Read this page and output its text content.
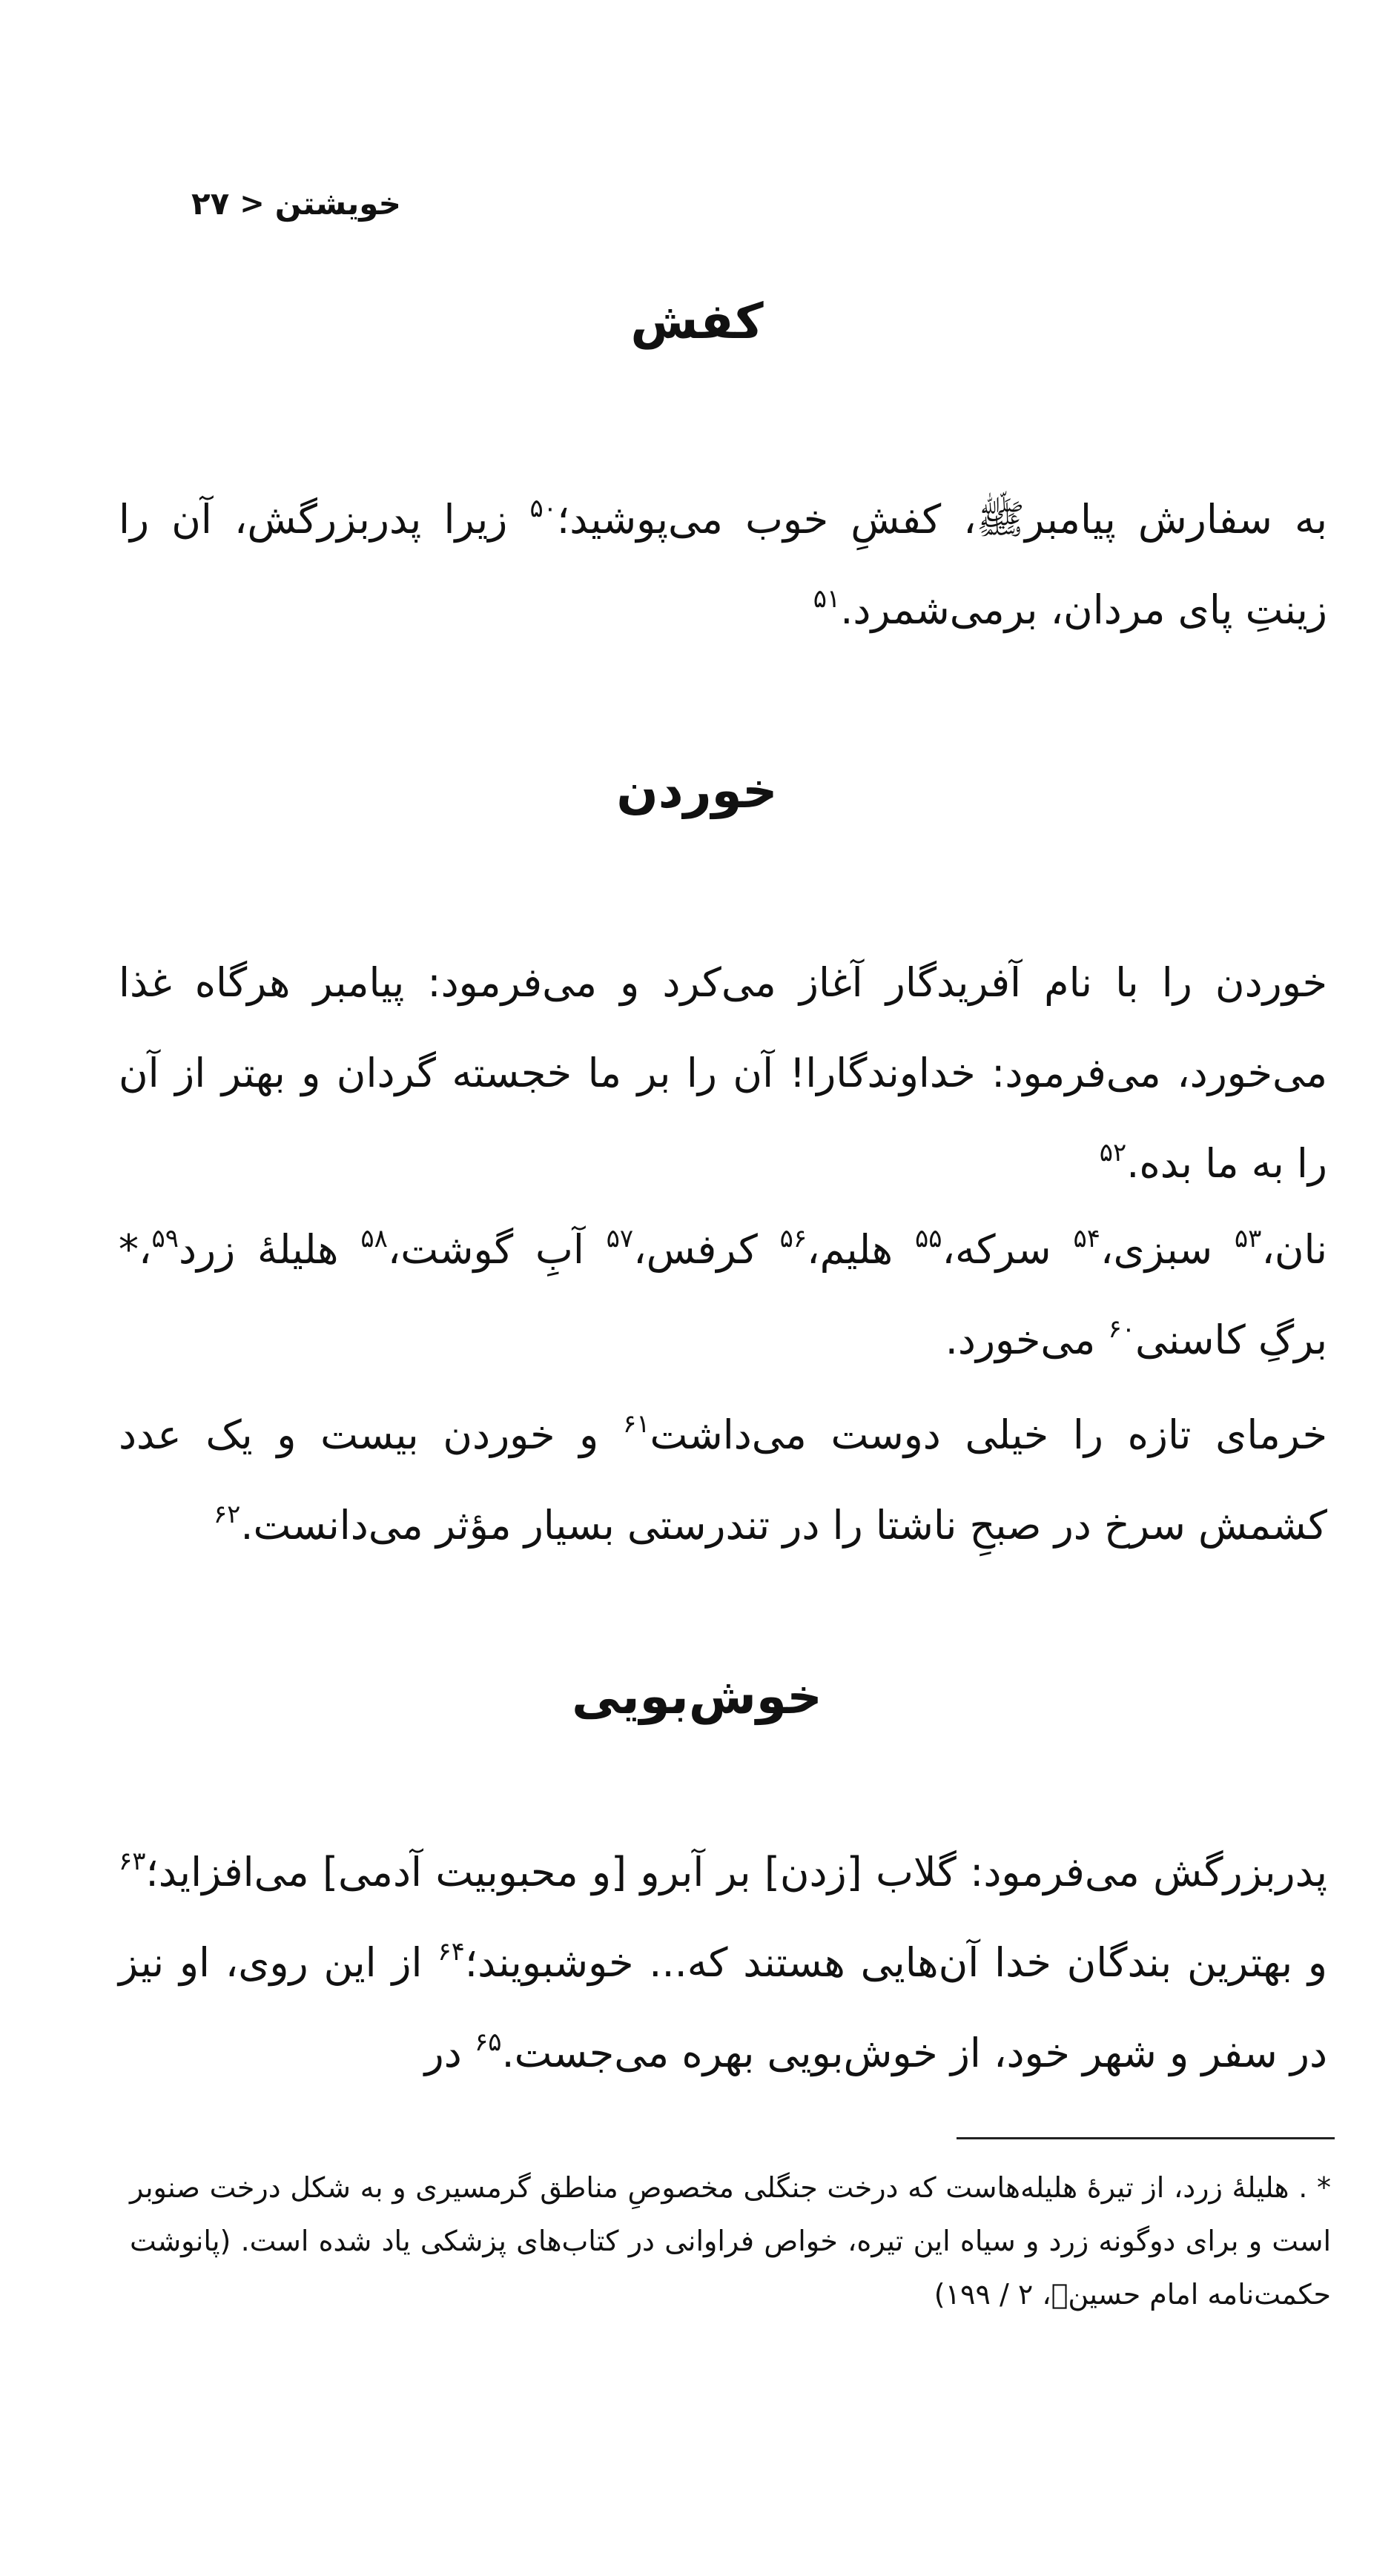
۲۷ > خویشتن
کفش

به سفارش پیامبرﷺ، کفشِ خوب می‌پوشید؛$^{۵۰}$ زیرا پدربزرگش، آن را زینتِ پای مردان، برمی‌شمرد.$^{۵۱}$

خوردن

خوردن را با نام آفریدگار آغاز می‌کرد و می‌فرمود: پیامبر هرگاه غذا می‌خورد، می‌فرمود: خداوندگارا! آن را بر ما خجسته گردان و بهتر از آن را به ما بده.$^{۵۲}$

نان،$^{۵۳}$ سبزی،$^{۵۴}$ سرکه،$^{۵۵}$ هلیم،$^{۵۶}$ کرفس،$^{۵۷}$ آبِ گوشت،$^{۵۸}$ هلیلهٔ زرد$^{۵۹}$،* برگِ کاسنی$^{۶۰}$ می‌خورد.

خرمای تازه را خیلی دوست می‌داشت$^{۶۱}$ و خوردن بیست و یک عدد کشمش سرخ در صبحِ ناشتا را در تندرستی بسیار مؤثر می‌دانست.$^{۶۲}$

خوش‌بویی

پدربزرگش می‌فرمود: گلاب [زدن] بر آبرو [و محبوبیت آدمی] می‌افزاید؛$^{۶۳}$ و بهترین بندگان خدا آن‌هایی هستند که... خوشبویند؛$^{۶۴}$ از این روی، او نیز در سفر و شهر خود، از خوش‌بویی بهره می‌جست.$^{۶۵}$ در

* . هلیلهٔ زرد، از تیرهٔ هلیله‌هاست که درخت جنگلی مخصوصِ مناطق گرمسیری و به شکل درخت صنوبر است و برای دوگونه زرد و سیاه این تیره، خواص فراوانی در کتاب‌های پزشکی یاد شده است. (پانوشت حکمت‌نامه امام حسینؑ، ۲ / ۱۹۹)
